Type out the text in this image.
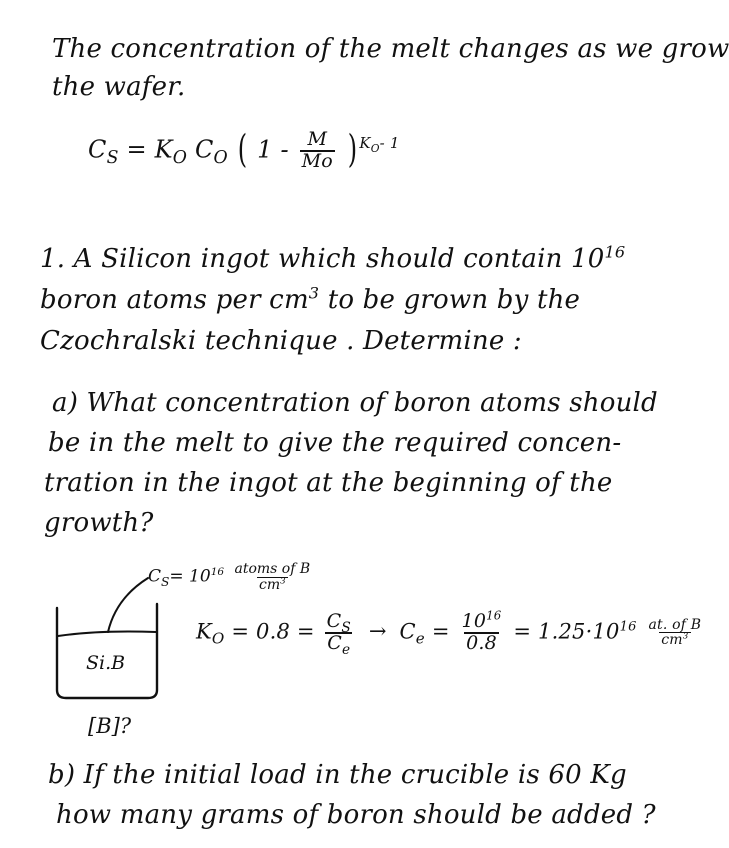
The concentration of the melt changes as we grow
the wafer.
$C_S = K_O$ $C_O$ ( $1 - \frac{M}{Mo}$ ) $^{K_O- 1}$
1. A Silicon ingot which should contain $10^{16}$
boron atoms per $cm^3$ to be grown by the
Czochralski technique . Determine :
a) What concentration of boron atoms should
be in the melt to give the required concen-
tration in the ingot at the beginning of the
growth?
$C_S= 10^{16} \frac{\text{atoms of B}}{cm^3}$
Si.B
[B]?
$K_O = 0.8 = \frac{C_S}{C_e} \to C_e = \frac{10^{16}}{0.8} = 1.25\cdot 10^{16} \frac{\text{at. of B}}{cm^3}$
b) If the initial load in the crucible is 60 Kg
how many grams of boron should be added ?
